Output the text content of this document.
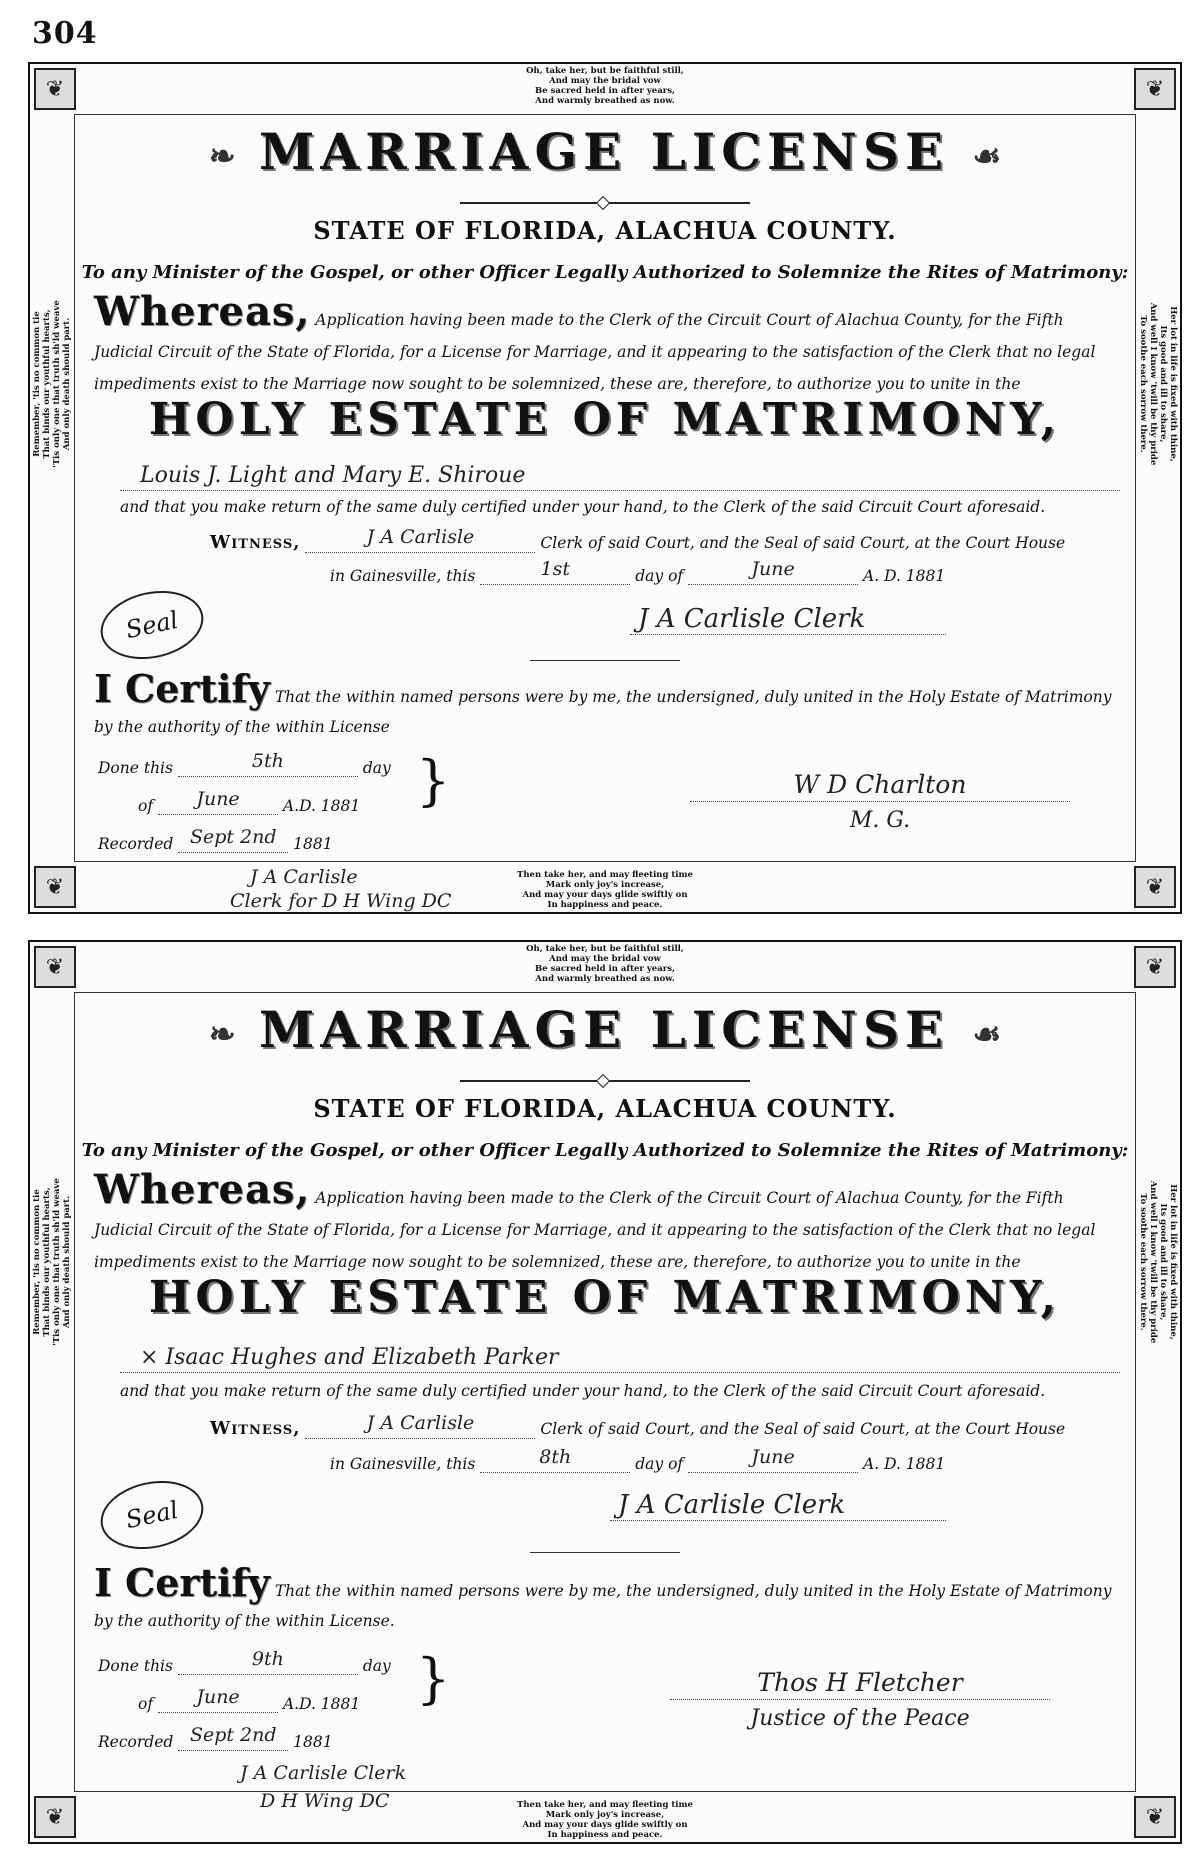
304
❦	❦
❦	❦
Oh, take her, but be faithful still,
And may the bridal vow
Be sacred held in after years,
And warmly breathed as now.
Then take her, and may fleeting time
Mark only joy's increase,
And may your days glide swiftly on
In happiness and peace.
Remember, 'tis no common tie That binds our youthful hearts, 'Tis only one that truth sh'ld weave And only death should part.	Her lot in life is fixed with thine,
Its good and ill to share,
And well I know 'twill be thy pride
To soothe each sorrow there.
❧ MARRIAGE LICENSE ☙
STATE OF FLORIDA, ALACHUA COUNTY.
To any Minister of the Gospel, or other Officer Legally Authorized to Solemnize the Rites of Matrimony:
Whereas, Application having been made to the Clerk of the Circuit Court of Alachua County, for the Fifth Judicial Circuit of the State of Florida, for a License for Marriage, and it appearing to the satisfaction of the Clerk that no legal impediments exist to the Marriage now sought to be solemnized, these are, therefore, to authorize you to unite in the
HOLY ESTATE OF MATRIMONY,
Louis J. Light and Mary E. Shiroue
and that you make return of the same duly certified under your hand, to the Clerk of the said Circuit Court aforesaid.
Witness,	J A Carlisle	Clerk of said Court, and the Seal of said Court, at the Court House
in Gainesville, this	1st	day of	June	A. D. 1881
Seal	J A Carlisle Clerk
I Certify That the within named persons were by me, the undersigned, duly united in the Holy Estate of Matrimony by the authority of the within License
Done this	5th	day
of June	A.D. 1881
Recorded Sept 2nd 1881
}
J A Carlisle
Clerk for D H Wing DC
W D Charlton
M. G.
❦	❦
❦	❦
Oh, take her, but be faithful still,
And may the bridal vow
Be sacred held in after years,
And warmly breathed as now.
Then take her, and may fleeting time
Mark only joy's increase,
And may your days glide swiftly on
In happiness and peace.
Remember, 'tis no common tie That binds our youthful hearts, 'Tis only one that truth sh'ld weave And only death should part.	Her lot in life is fixed with thine,
Its good and ill to share,
And well I know 'twill be thy pride
To soothe each sorrow there.
❧ MARRIAGE LICENSE ☙
STATE OF FLORIDA, ALACHUA COUNTY.
To any Minister of the Gospel, or other Officer Legally Authorized to Solemnize the Rites of Matrimony:
Whereas, Application having been made to the Clerk of the Circuit Court of Alachua County, for the Fifth Judicial Circuit of the State of Florida, for a License for Marriage, and it appearing to the satisfaction of the Clerk that no legal impediments exist to the Marriage now sought to be solemnized, these are, therefore, to authorize you to unite in the
HOLY ESTATE OF MATRIMONY,
× Isaac Hughes and Elizabeth Parker
and that you make return of the same duly certified under your hand, to the Clerk of the said Circuit Court aforesaid.
Witness,	J A Carlisle	Clerk of said Court, and the Seal of said Court, at the Court House
in Gainesville, this	8th	day of	June	A. D. 1881
Seal	J A Carlisle Clerk
I Certify That the within named persons were by me, the undersigned, duly united in the Holy Estate of Matrimony by the authority of the within License.
Done this	9th	day
of June	A.D. 1881
Recorded Sept 2nd 1881
}
J A Carlisle Clerk
D H Wing DC
Thos H Fletcher
Justice of the Peace
